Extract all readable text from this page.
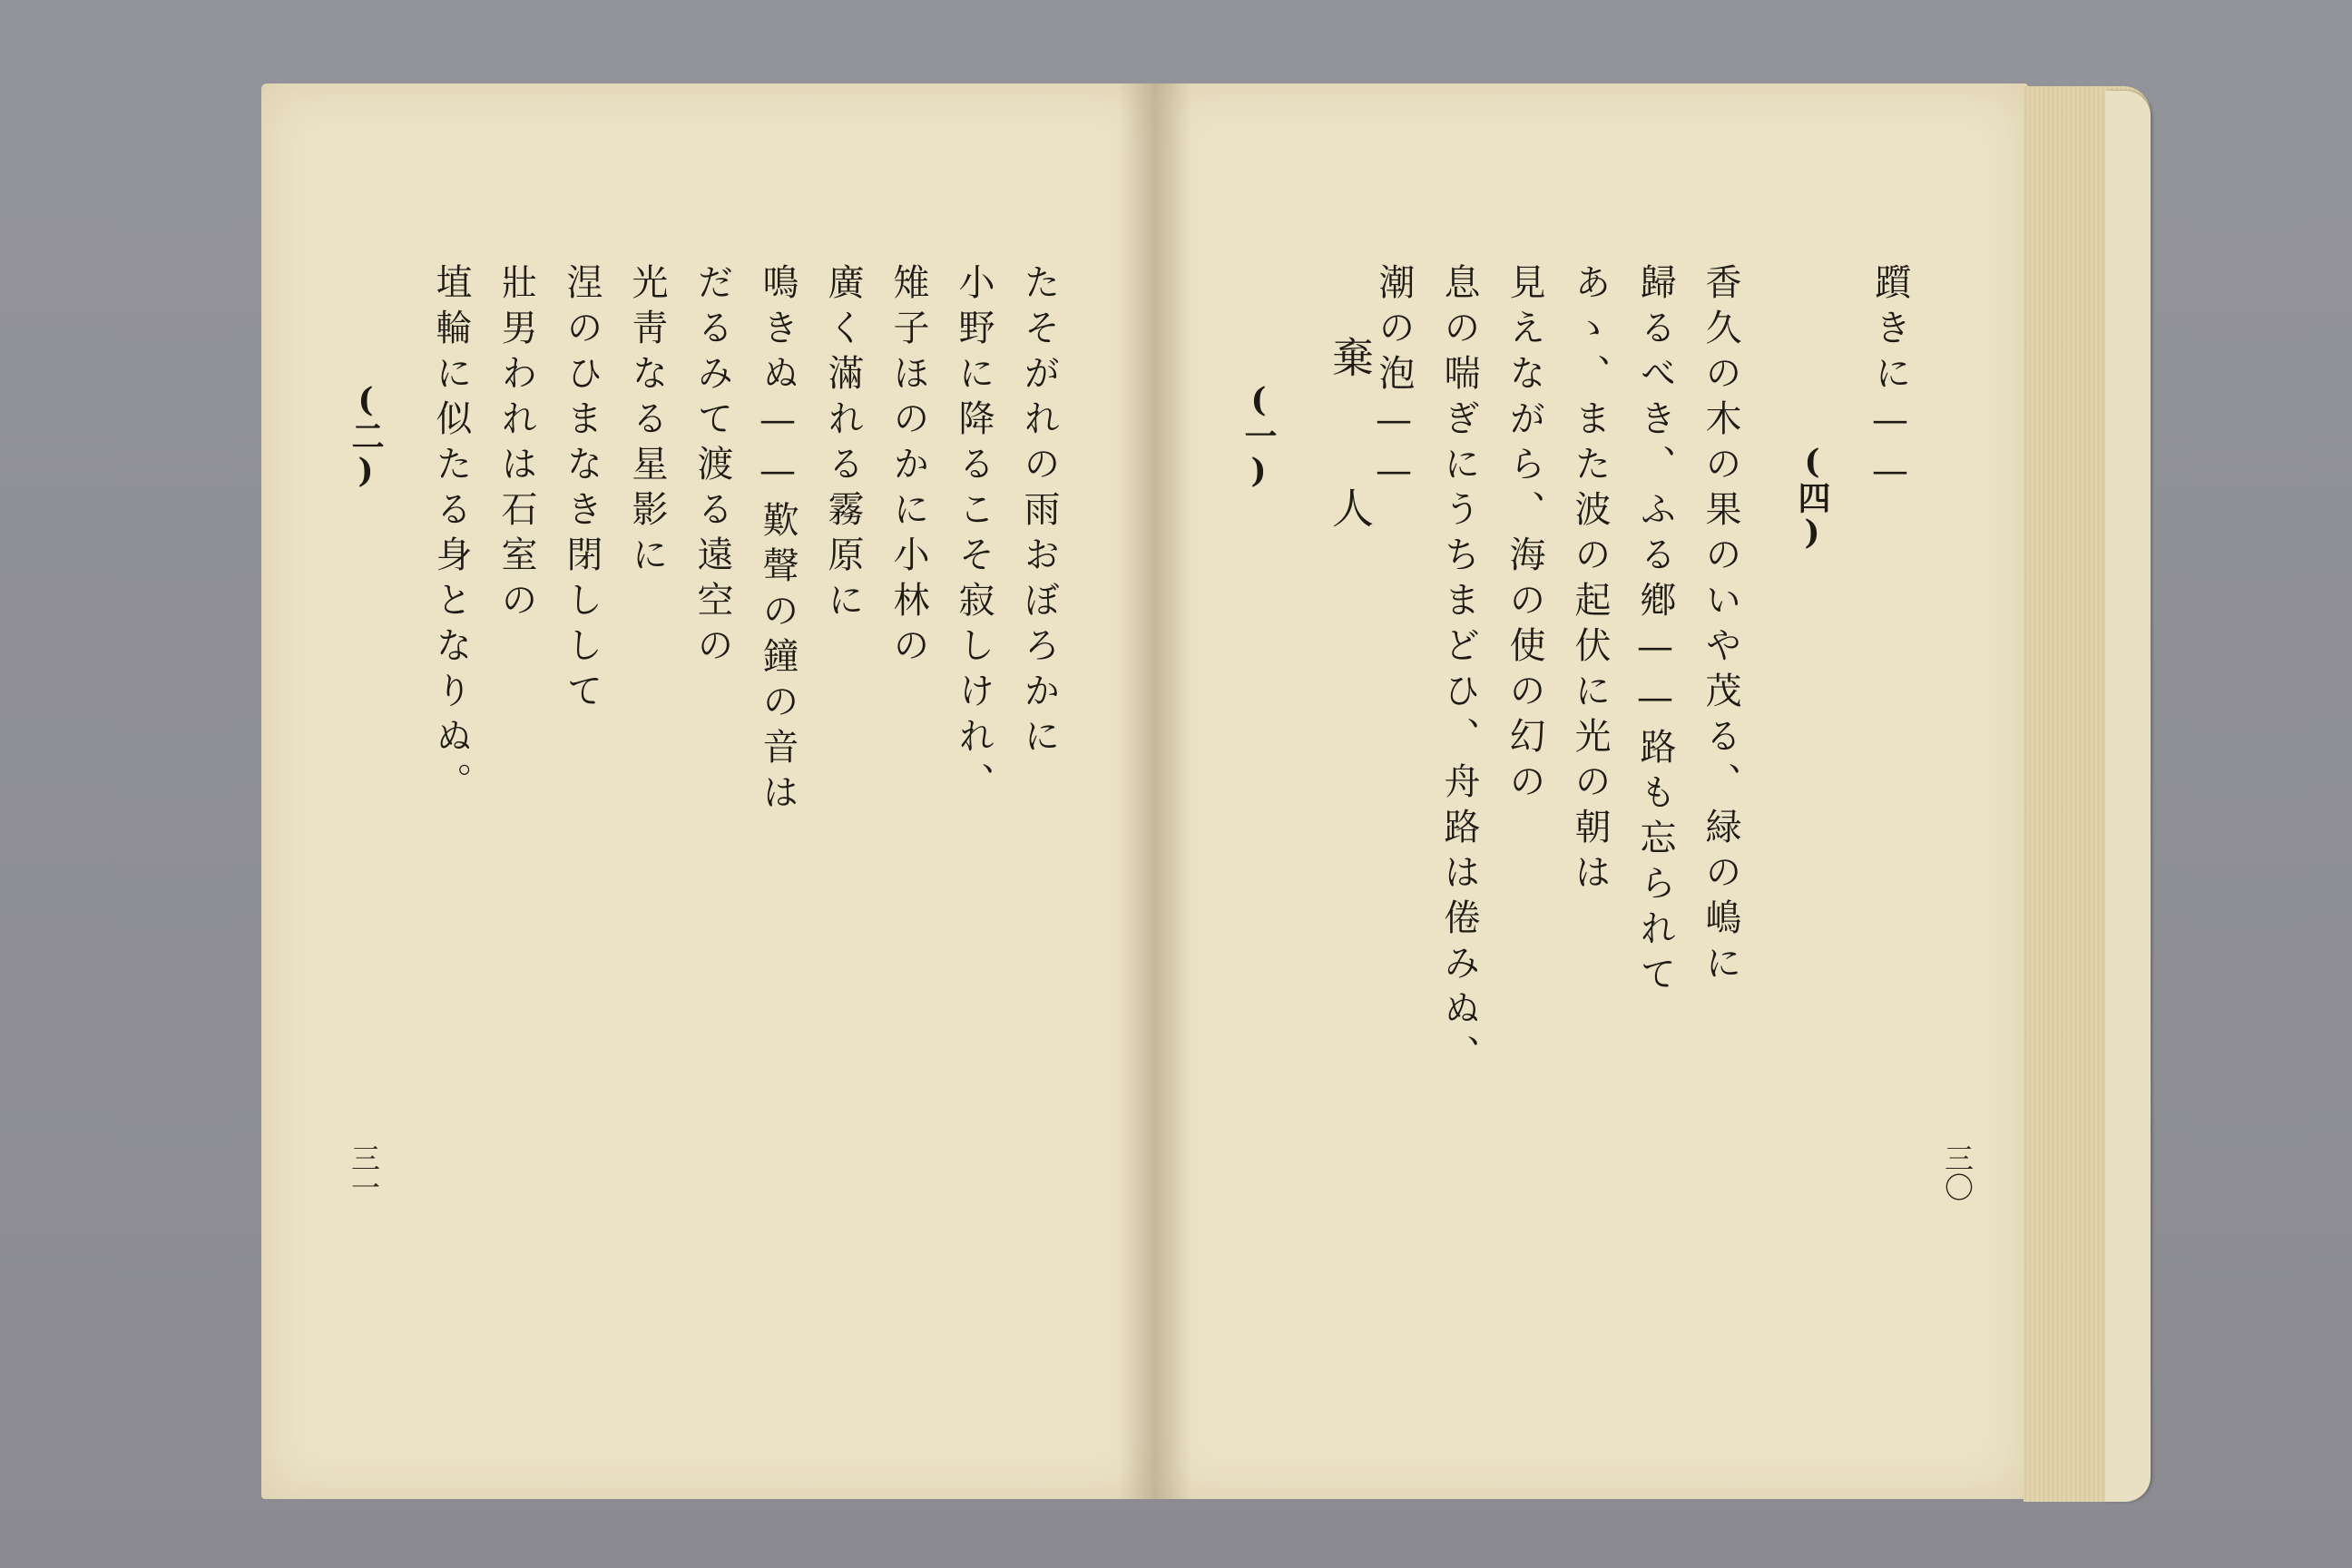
躓きに——
(四)
香久の木の果のいや茂る、緑の嶋に
歸るべき、ふる鄕——路も忘られて
あゝ、また波の起伏に光の朝は
見えながら、海の使の幻の
息の喘ぎにうちまどひ、舟路は倦みぬ、
潮の泡——
棄人
(一)
三〇
たそがれの雨おぼろかに
小野に降るこそ寂しけれ、
雉子ほのかに小林の
廣く滿れる霧原に
鳴きぬ——歎聲の鐘の音は
だるみて渡る遠空の
光靑なる星影に
涅のひまなき閉しして
壯男われは石室の
埴輪に似たる身となりぬ。
(二)
三一
